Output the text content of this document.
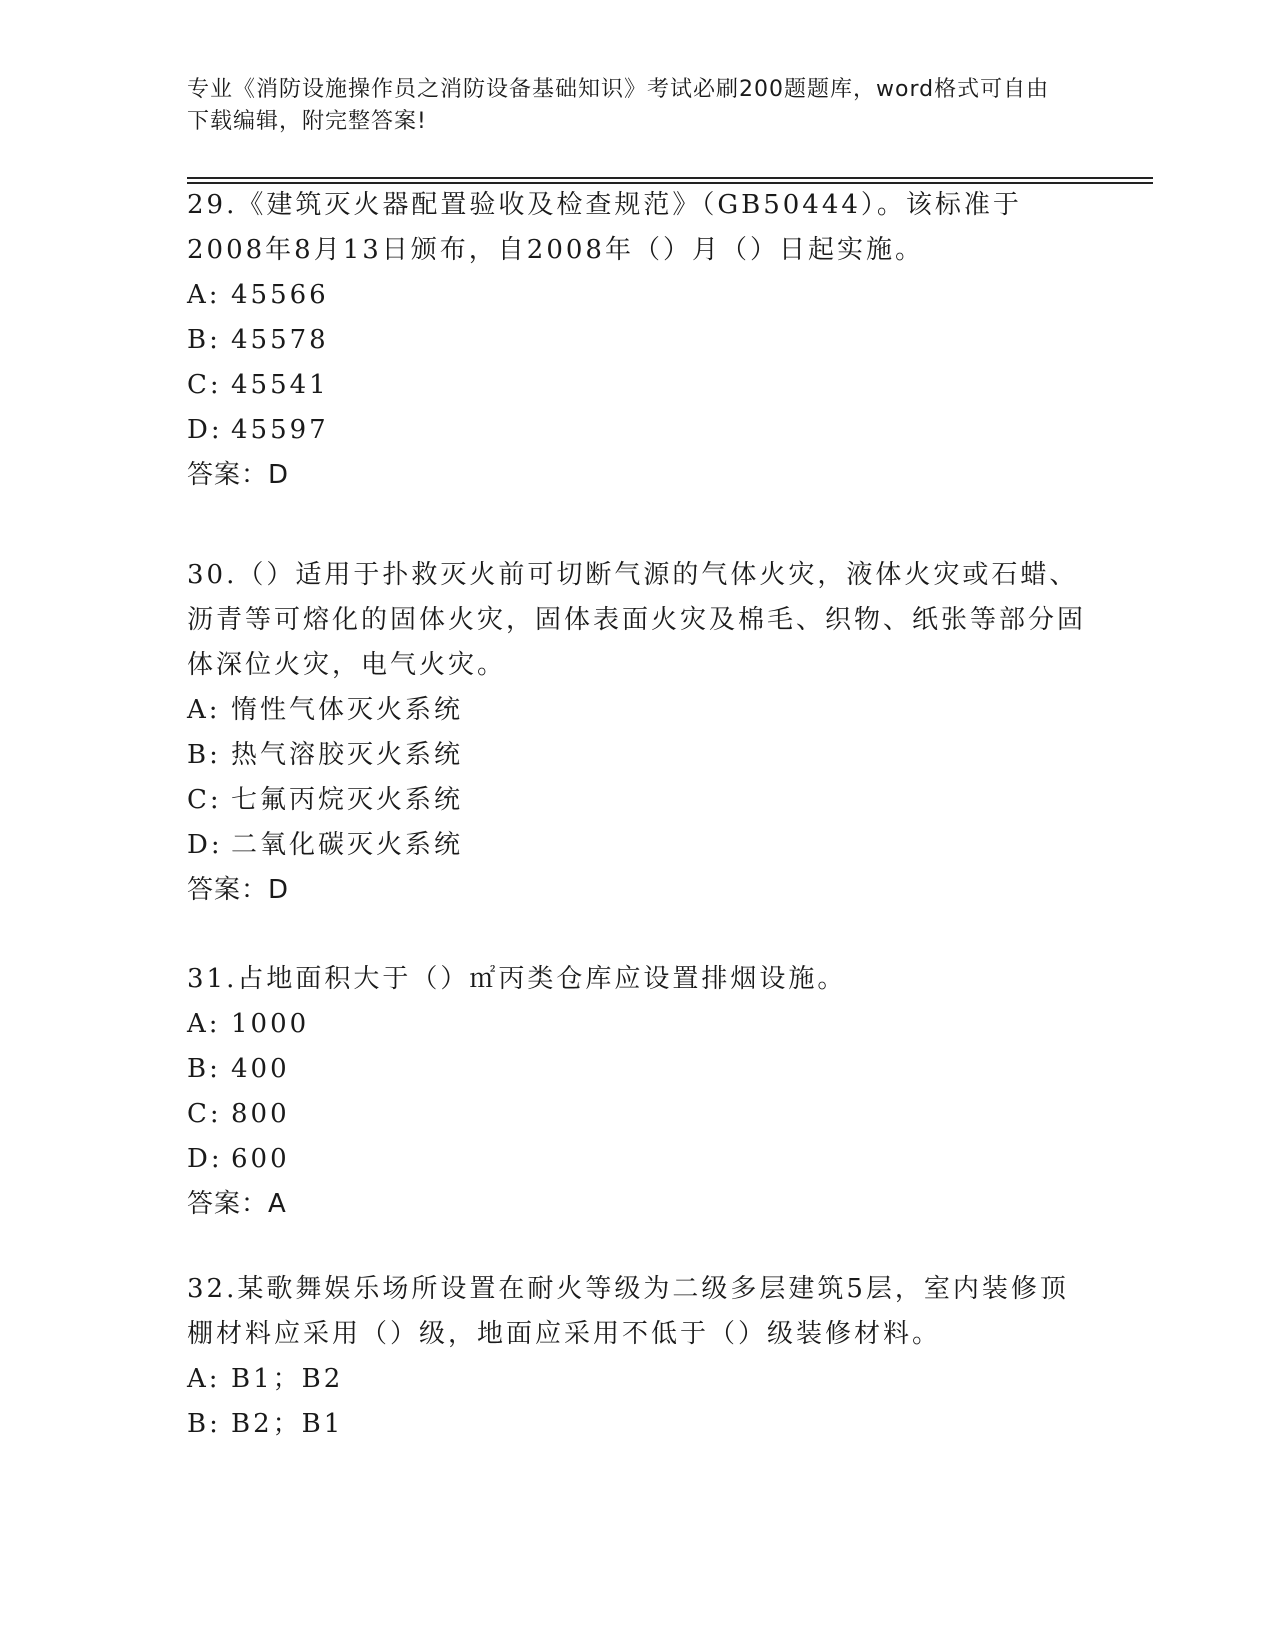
专业《消防设施操作员之消防设备基础知识》考试必刷200题题库，word格式可自由下载编辑，附完整答案!
29.《建筑灭火器配置验收及检查规范》（GB50444）。该标准于2008年8月13日颁布，自2008年（）月（）日起实施。
A: 45566
B: 45578
C: 45541
D: 45597
答案：D
30.（）适用于扑救灭火前可切断气源的气体火灾，液体火灾或石蜡、沥青等可熔化的固体火灾，固体表面火灾及棉毛、织物、纸张等部分固体深位火灾，电气火灾。
A: 惰性气体灭火系统
B: 热气溶胶灭火系统
C: 七氟丙烷灭火系统
D: 二氧化碳灭火系统
答案：D
31.占地面积大于（）㎡丙类仓库应设置排烟设施。
A: 1000
B: 400
C: 800
D: 600
答案：A
32.某歌舞娱乐场所设置在耐火等级为二级多层建筑5层，室内装修顶棚材料应采用（）级，地面应采用不低于（）级装修材料。
A: B1；B2
B: B2；B1
